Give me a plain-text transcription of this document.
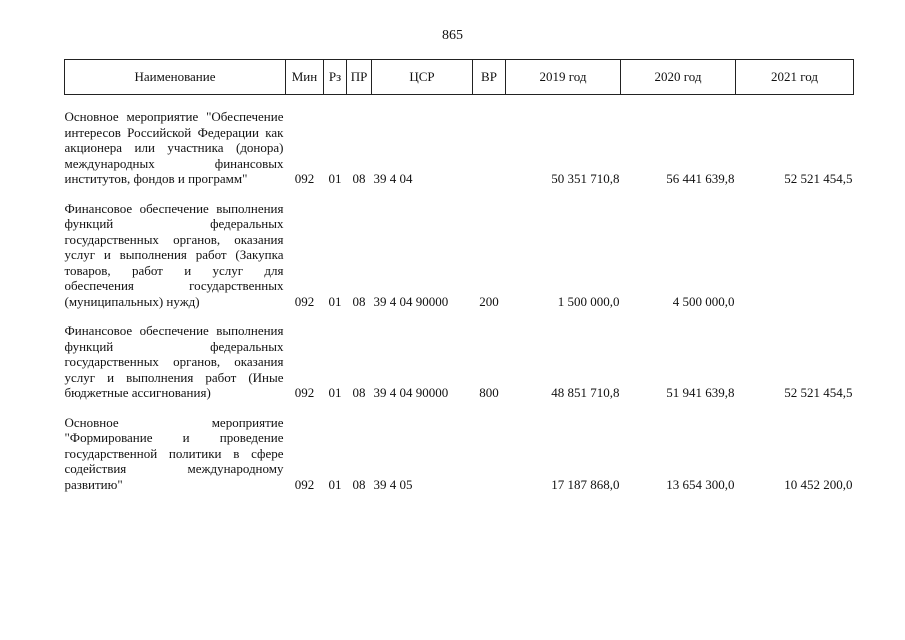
865
Наименование	Мин	Рз	ПР	ЦСР	ВР	2019 год	2020 год	2021 год

Основное мероприятие "Обеспечение интересов Российской Федерации как акционера или участника (донора) международных финансовых институтов, фондов и программ"	092	01	08	39 4 04		50 351 710,8	56 441 639,8	52 521 454,5

Финансовое обеспечение выполнения функций федеральных государственных органов, оказания услуг и выполнения работ (Закупка товаров, работ и услуг для обеспечения государственных (муниципальных) нужд)	092	01	08	39 4 04 90000	200	1 500 000,0	4 500 000,0	

Финансовое обеспечение выполнения функций федеральных государственных органов, оказания услуг и выполнения работ (Иные бюджетные ассигнования)	092	01	08	39 4 04 90000	800	48 851 710,8	51 941 639,8	52 521 454,5

Основное мероприятие "Формирование и проведение государственной политики в сфере содействия международному развитию"	092	01	08	39 4 05		17 187 868,0	13 654 300,0	10 452 200,0
